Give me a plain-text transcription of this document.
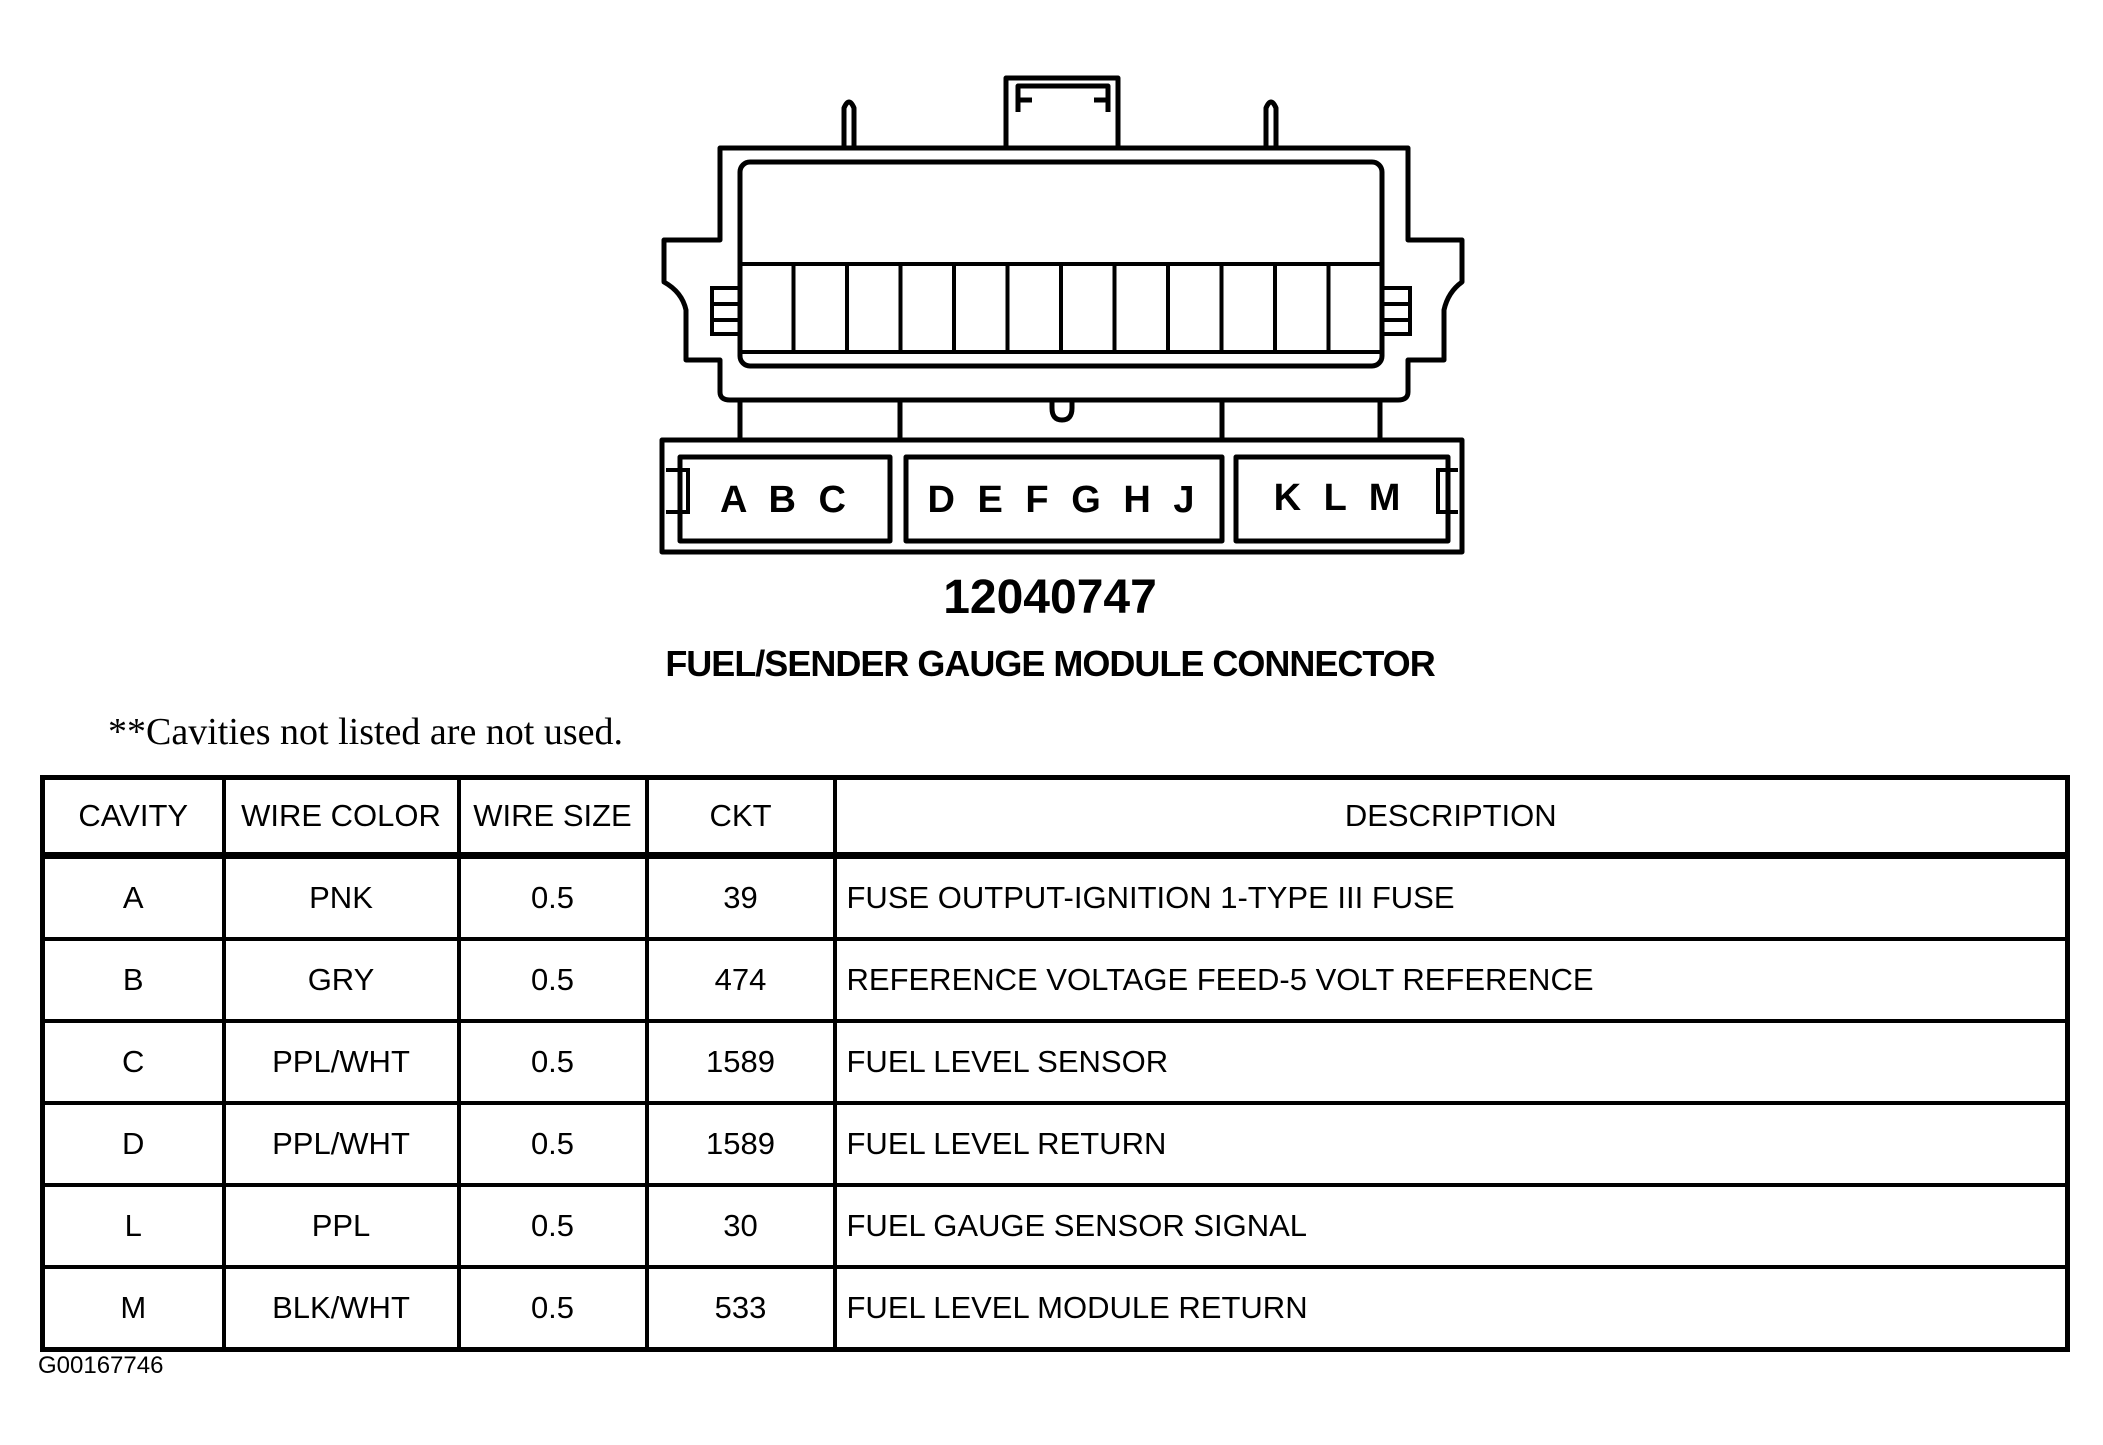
A B C D E F G H J K L M
12040747
FUEL/SENDER GAUGE MODULE CONNECTOR
**Cavities not listed are not used.
CAVITY	WIRE COLOR	WIRE SIZE	CKT	DESCRIPTION
A	PNK	0.5	39	FUSE OUTPUT-IGNITION 1-TYPE III FUSE
B	GRY	0.5	474	REFERENCE VOLTAGE FEED-5 VOLT REFERENCE
C	PPL/WHT	0.5	1589	FUEL LEVEL SENSOR
D	PPL/WHT	0.5	1589	FUEL LEVEL RETURN
L	PPL	0.5	30	FUEL GAUGE SENSOR SIGNAL
M	BLK/WHT	0.5	533	FUEL LEVEL MODULE RETURN
G00167746
